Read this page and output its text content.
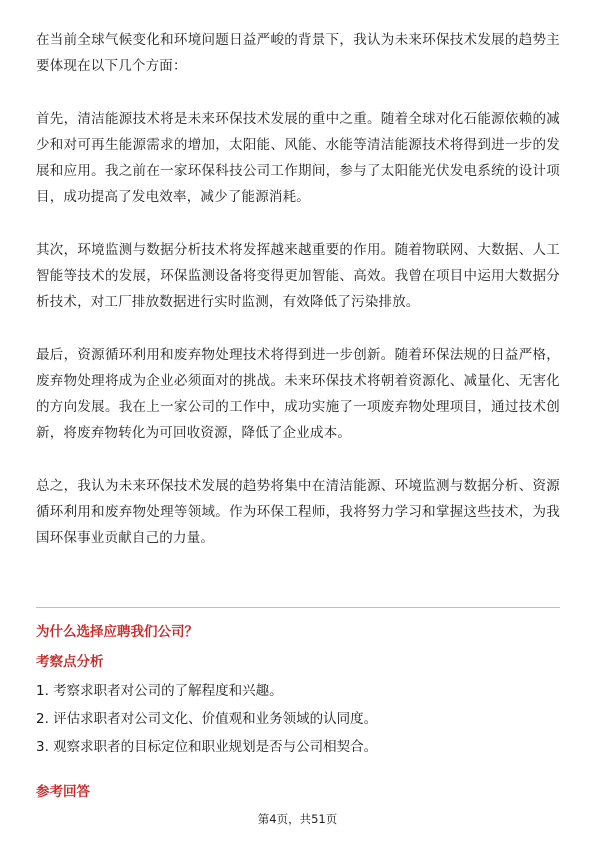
在当前全球气候变化和环境问题日益严峻的背景下，我认为未来环保技术发展的趋势主要体现在以下几个方面：

首先，清洁能源技术将是未来环保技术发展的重中之重。随着全球对化石能源依赖的减少和对可再生能源需求的增加，太阳能、风能、水能等清洁能源技术将得到进一步的发展和应用。我之前在一家环保科技公司工作期间，参与了太阳能光伏发电系统的设计项目，成功提高了发电效率，减少了能源消耗。

其次，环境监测与数据分析技术将发挥越来越重要的作用。随着物联网、大数据、人工智能等技术的发展，环保监测设备将变得更加智能、高效。我曾在项目中运用大数据分析技术，对工厂排放数据进行实时监测，有效降低了污染排放。

最后，资源循环利用和废弃物处理技术将得到进一步创新。随着环保法规的日益严格，废弃物处理将成为企业必须面对的挑战。未来环保技术将朝着资源化、减量化、无害化的方向发展。我在上一家公司的工作中，成功实施了一项废弃物处理项目，通过技术创新，将废弃物转化为可回收资源，降低了企业成本。

总之，我认为未来环保技术发展的趋势将集中在清洁能源、环境监测与数据分析、资源循环利用和废弃物处理等领域。作为环保工程师，我将努力学习和掌握这些技术，为我国环保事业贡献自己的力量。

为什么选择应聘我们公司？
考察点分析
1. 考察求职者对公司的了解程度和兴趣。
2. 评估求职者对公司文化、价值观和业务领域的认同度。
3. 观察求职者的目标定位和职业规划是否与公司相契合。
参考回答
第4页，共51页
